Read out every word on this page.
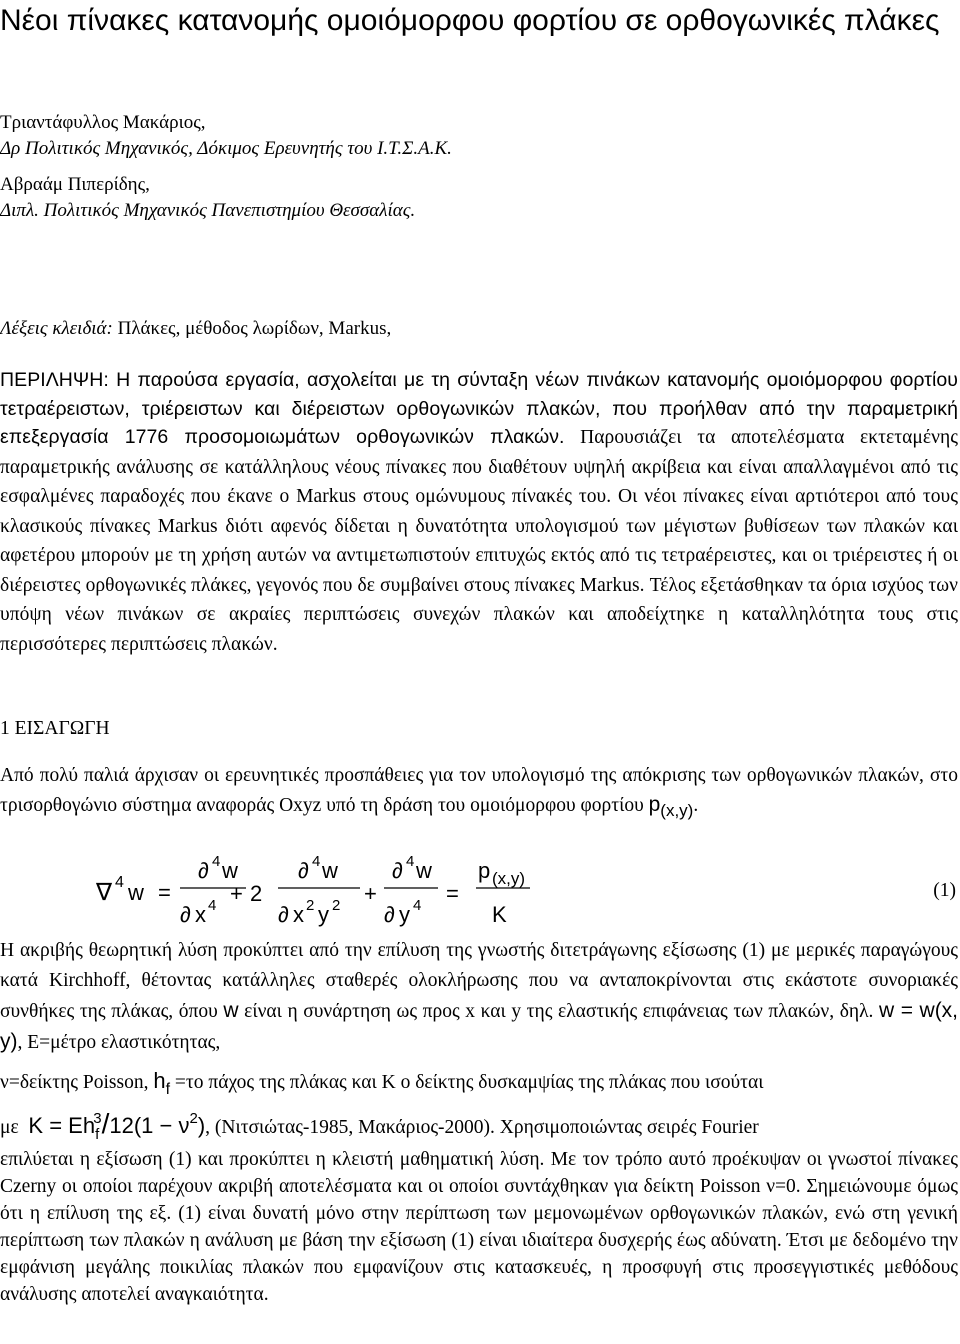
Νέοι πίνακες κατανομής ομοιόμορφου φορτίου σε ορθογωνικές πλάκες
Τριαντάφυλλος Μακάριος,
Δρ Πολιτικός Μηχανικός, Δόκιμος Ερευνητής του Ι.Τ.Σ.Α.Κ.
Αβραάμ Πιπερίδης,
Διπλ. Πολιτικός Μηχανικός Πανεπιστημίου Θεσσαλίας.
Λέξεις κλειδιά: Πλάκες, μέθοδος λωρίδων, Markus,

ΠΕΡΙΛΗΨΗ: Η παρούσα εργασία, ασχολείται με τη σύνταξη νέων πινάκων κατανομής ομοιόμορφου φορτίου τετραέρειστων, τριέρειστων και διέρειστων ορθογωνικών πλακών, που προήλθαν από την παραμετρική επεξεργασία 1776 προσομοιωμάτων ορθογωνικών πλακών. Παρουσιάζει τα αποτελέσματα εκτεταμένης παραμετρικής ανάλυσης σε κατάλληλους νέους πίνακες που διαθέτουν υψηλή ακρίβεια και είναι απαλλαγμένοι από τις εσφαλμένες παραδοχές που έκανε ο Markus στους ομώνυμους πίνακές του. Οι νέοι πίνακες είναι αρτιότεροι από τους κλασικούς πίνακες Markus διότι αφενός δίδεται η δυνατότητα υπολογισμού των μέγιστων βυθίσεων των πλακών και αφετέρου μπορούν με τη χρήση αυτών να αντιμετωπιστούν επιτυχώς εκτός από τις τετραέρειστες, και οι τριέρειστες ή οι διέρειστες ορθογωνικές πλάκες, γεγονός που δε συμβαίνει στους πίνακες Markus. Τέλος εξετάσθηκαν τα όρια ισχύος των υπόψη νέων πινάκων σε ακραίες περιπτώσεις συνεχών πλακών και αποδείχτηκε η καταλληλότητα τους στις περισσότερες περιπτώσεις πλακών.

1 ΕΙΣΑΓΩΓΗ

Από πολύ παλιά άρχισαν οι ερευνητικές προσπάθειες για τον υπολογισμό της απόκρισης των ορθογωνικών πλακών, στο τρισορθογώνιο σύστημα αναφοράς Οxyz υπό τη δράση του ομοιόμορφου φορτίου p(x,y).

∇ 4 w =
∂ 4 w
∂ x 4 + 2
∂ 4 w
∂ x 2 y 2 +
∂ 4 w
∂ y 4 =
p (x,y)
K
(1)

Η ακριβής θεωρητική λύση προκύπτει από την επίλυση της γνωστής διτετράγωνης εξίσωσης (1) με μερικές παραγώγους κατά Kirchhoff, θέτοντας κατάλληλες σταθερές ολοκλήρωσης που να ανταποκρίνονται στις εκάστοτε συνοριακές συνθήκες της πλάκας, όπου w είναι η συνάρτηση ως προς x και y της ελαστικής επιφάνειας των πλακών, δηλ. w = w(x, y), Ε=μέτρο ελαστικότητας,

ν=δείκτης Poisson, $h_f =\tau o$ πάχος της πλάκας και Κ ο δείκτης δυσκαμψίας της πλάκας που ισούται
με $K = Eh_f^3/12(1 - \nu^2)$, (Νιτσιώτας-1985, Μακάριος-2000). Χρησιμοποιώντας σειρές Fourier

επιλύεται η εξίσωση (1) και προκύπτει η κλειστή μαθηματική λύση. Με τον τρόπο αυτό προέκυψαν οι γνωστοί πίνακες Czerny οι οποίοι παρέχουν ακριβή αποτελέσματα και οι οποίοι συντάχθηκαν για δείκτη Poisson ν=0. Σημειώνουμε όμως ότι η επίλυση της εξ. (1) είναι δυνατή μόνο στην περίπτωση των μεμονωμένων ορθογωνικών πλακών, ενώ στη γενική περίπτωση των πλακών η ανάλυση με βάση την εξίσωση (1) είναι ιδιαίτερα δυσχερής έως αδύνατη. Έτσι με δεδομένο την εμφάνιση μεγάλης ποικιλίας πλακών που εμφανίζουν στις κατασκευές, η προσφυγή στις προσεγγιστικές μεθόδους ανάλυσης αποτελεί αναγκαιότητα.
